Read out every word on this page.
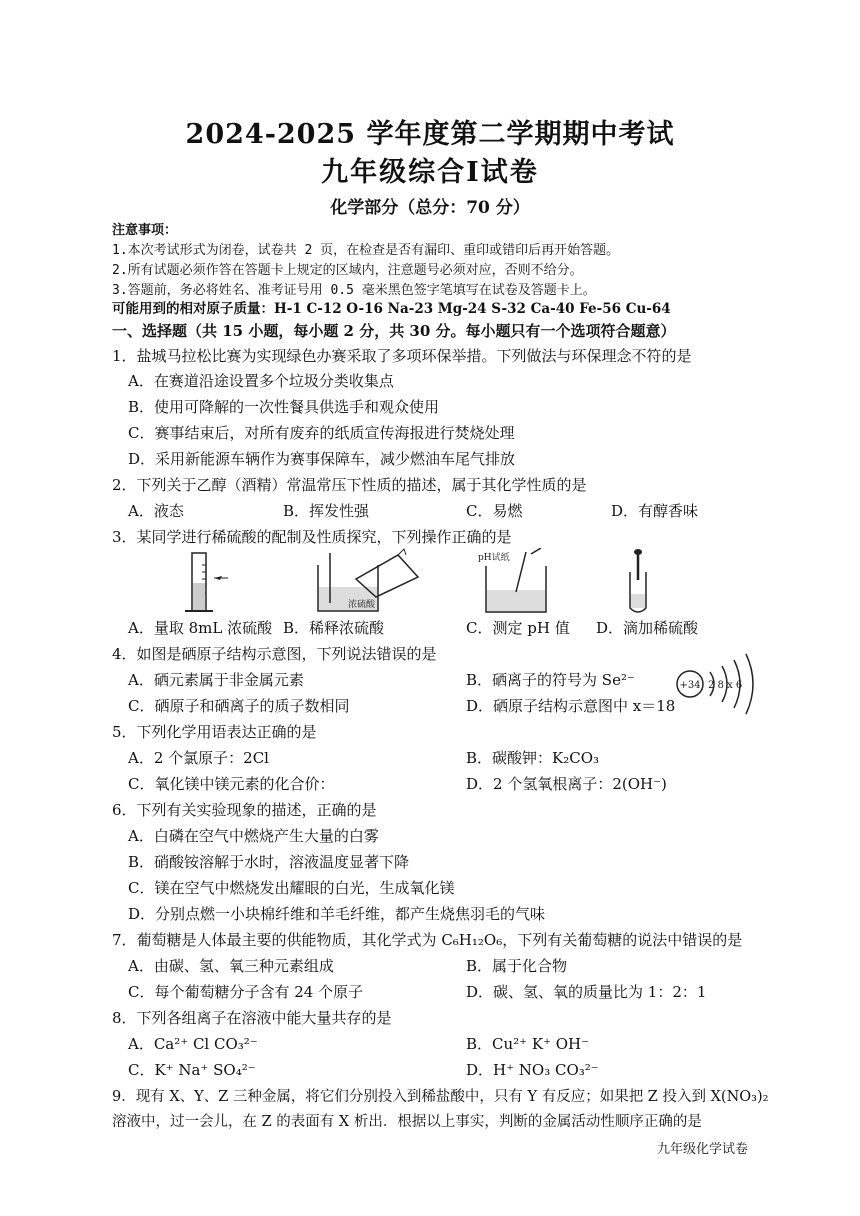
2024-2025 学年度第二学期期中考试
九年级综合Ⅰ试卷
化学部分（总分：70 分）
注意事项：
1.本次考试形式为闭卷，试卷共 2 页，在检查是否有漏印、重印或错印后再开始答题。
2.所有试题必须作答在答题卡上规定的区域内，注意题号必须对应，否则不给分。
3.答题前，务必将姓名、准考证号用 0.5 毫米黑色签字笔填写在试卷及答题卡上。
可能用到的相对原子质量：H-1 C-12 O-16 Na-23 Mg-24 S-32 Ca-40 Fe-56 Cu-64
一、选择题（共 15 小题，每小题 2 分，共 30 分。每小题只有一个选项符合题意）
1．盐城马拉松比赛为实现绿色办赛采取了多项环保举措。下列做法与环保理念不符的是
A．在赛道沿途设置多个垃圾分类收集点
B．使用可降解的一次性餐具供选手和观众使用
C．赛事结束后，对所有废弃的纸质宣传海报进行焚烧处理
D．采用新能源车辆作为赛事保障车，减少燃油车尾气排放
2．下列关于乙醇（酒精）常温常压下性质的描述，属于其化学性质的是
A．液态	B．挥发性强	C．易燃	D．有醇香味
3．某同学进行稀硫酸的配制及性质探究，下列操作正确的是
浓硫酸
pH试纸
A．量取 8mL 浓硫酸 B．稀释浓硫酸	C．测定 pH 值 D．滴加稀硫酸
4．如图是硒原子结构示意图，下列说法错误的是
A．硒元素属于非金属元素	B．硒离子的符号为 Se²⁻
C．硒原子和硒离子的质子数相同	D．硒原子结构示意图中 x＝18
+34 2 8 x 6
5．下列化学用语表达正确的是
A．2 个氯原子：2Cl	B．碳酸钾：K₂CO₃
C．氧化镁中镁元素的化合价：	D．2 个氢氧根离子：2(OH⁻)
6．下列有关实验现象的描述，正确的是
A．白磷在空气中燃烧产生大量的白雾
B．硝酸铵溶解于水时，溶液温度显著下降
C．镁在空气中燃烧发出耀眼的白光，生成氧化镁
D．分别点燃一小块棉纤维和羊毛纤维，都产生烧焦羽毛的气味
7．葡萄糖是人体最主要的供能物质，其化学式为 C₆H₁₂O₆，下列有关葡萄糖的说法中错误的是
A．由碳、氢、氧三种元素组成	B．属于化合物
C．每个葡萄糖分子含有 24 个原子	D．碳、氢、氧的质量比为 1：2：1
8．下列各组离子在溶液中能大量共存的是
A．Ca²⁺ Cl CO₃²⁻	B．Cu²⁺ K⁺ OH⁻
C．K⁺ Na⁺ SO₄²⁻	D．H⁺ NO₃ CO₃²⁻
9．现有 X、Y、Z 三种金属，将它们分别投入到稀盐酸中，只有 Y 有反应；如果把 Z 投入到 X(NO₃)₂
溶液中，过一会儿，在 Z 的表面有 X 析出．根据以上事实，判断的金属活动性顺序正确的是
九年级化学试卷
